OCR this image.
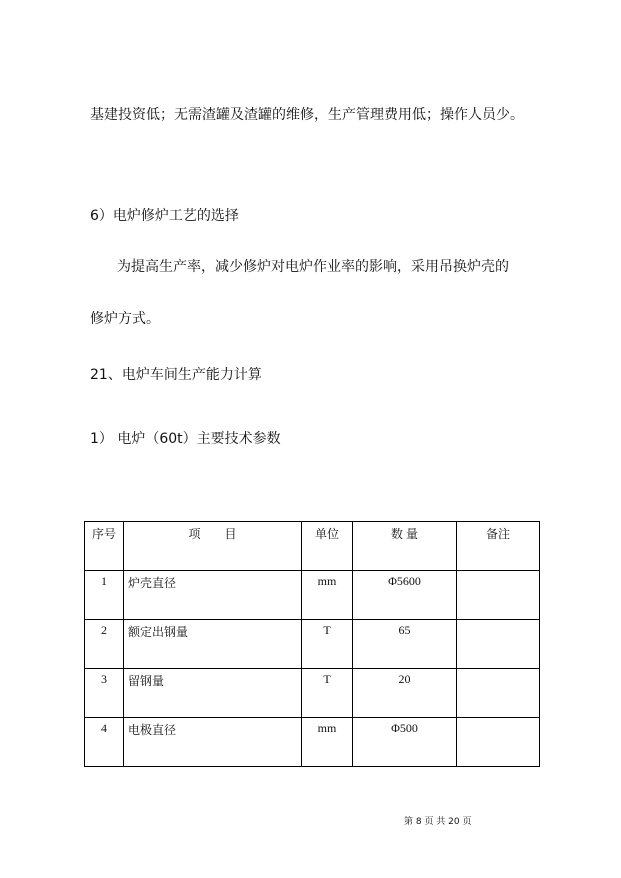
基建投资低；无需渣罐及渣罐的维修，生产管理费用低；操作人员少。
6）电炉修炉工艺的选择
为提高生产率，减少修炉对电炉作业率的影响，采用吊换炉壳的
修炉方式。
21、电炉车间生产能力计算
1） 电炉（60t）主要技术参数
序号	项　　目	单位	数 量	备注
1	炉壳直径	mm	Φ5600	
2	额定出钢量	T	65	
3	留钢量	T	20	
4	电极直径	mm	Φ500	
第 8 页 共 20 页
